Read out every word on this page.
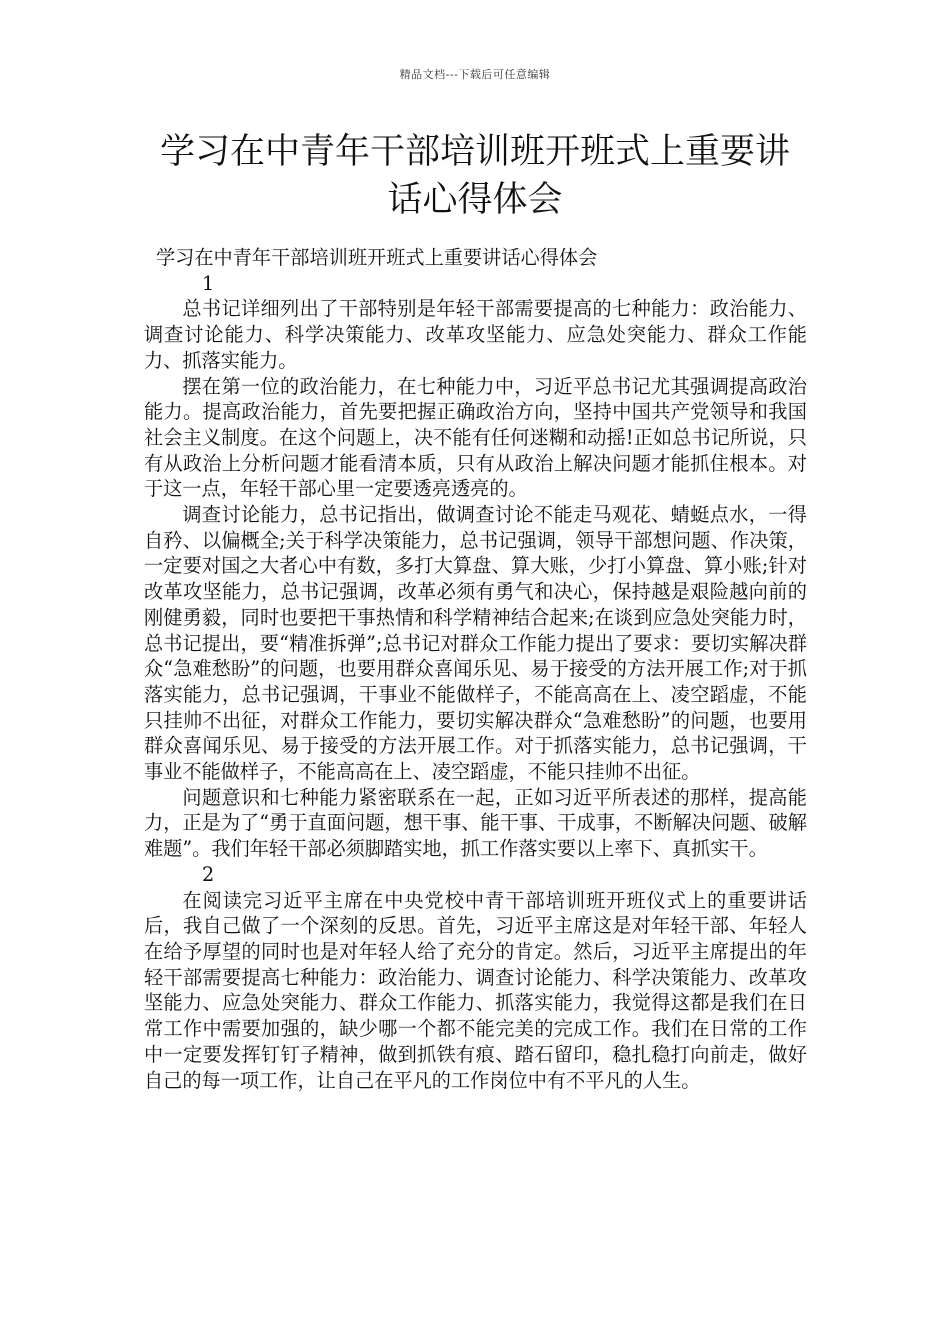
精品文档---下载后可任意编辑
学习在中青年干部培训班开班式上重要讲话心得体会

学习在中青年干部培训班开班式上重要讲话心得体会

1

总书记详细列出了干部特别是年轻干部需要提高的七种能力：政治能力、调查讨论能力、科学决策能力、改革攻坚能力、应急处突能力、群众工作能力、抓落实能力。

摆在第一位的政治能力，在七种能力中，习近平总书记尤其强调提高政治能力。提高政治能力，首先要把握正确政治方向，坚持中国共产党领导和我国社会主义制度。在这个问题上，决不能有任何迷糊和动摇!正如总书记所说，只有从政治上分析问题才能看清本质，只有从政治上解决问题才能抓住根本。对于这一点，年轻干部心里一定要透亮透亮的。

调查讨论能力，总书记指出，做调查讨论不能走马观花、蜻蜓点水，一得自矜、以偏概全;关于科学决策能力，总书记强调，领导干部想问题、作决策，一定要对国之大者心中有数，多打大算盘、算大账，少打小算盘、算小账;针对改革攻坚能力，总书记强调，改革必须有勇气和决心，保持越是艰险越向前的刚健勇毅，同时也要把干事热情和科学精神结合起来;在谈到应急处突能力时，总书记提出，要“精准拆弹”;总书记对群众工作能力提出了要求：要切实解决群众“急难愁盼”的问题，也要用群众喜闻乐见、易于接受的方法开展工作;对于抓落实能力，总书记强调，干事业不能做样子，不能高高在上、凌空蹈虚，不能只挂帅不出征，对群众工作能力，要切实解决群众“急难愁盼”的问题，也要用群众喜闻乐见、易于接受的方法开展工作。对于抓落实能力，总书记强调，干事业不能做样子，不能高高在上、凌空蹈虚，不能只挂帅不出征。

问题意识和七种能力紧密联系在一起，正如习近平所表述的那样，提高能力，正是为了“勇于直面问题，想干事、能干事、干成事，不断解决问题、破解难题”。我们年轻干部必须脚踏实地，抓工作落实要以上率下、真抓实干。

2

在阅读完习近平主席在中央党校中青干部培训班开班仪式上的重要讲话后，我自己做了一个深刻的反思。首先，习近平主席这是对年轻干部、年轻人在给予厚望的同时也是对年轻人给了充分的肯定。然后，习近平主席提出的年轻干部需要提高七种能力：政治能力、调查讨论能力、科学决策能力、改革攻坚能力、应急处突能力、群众工作能力、抓落实能力，我觉得这都是我们在日常工作中需要加强的，缺少哪一个都不能完美的完成工作。我们在日常的工作中一定要发挥钉钉子精神，做到抓铁有痕、踏石留印，稳扎稳打向前走，做好自己的每一项工作，让自己在平凡的工作岗位中有不平凡的人生。
